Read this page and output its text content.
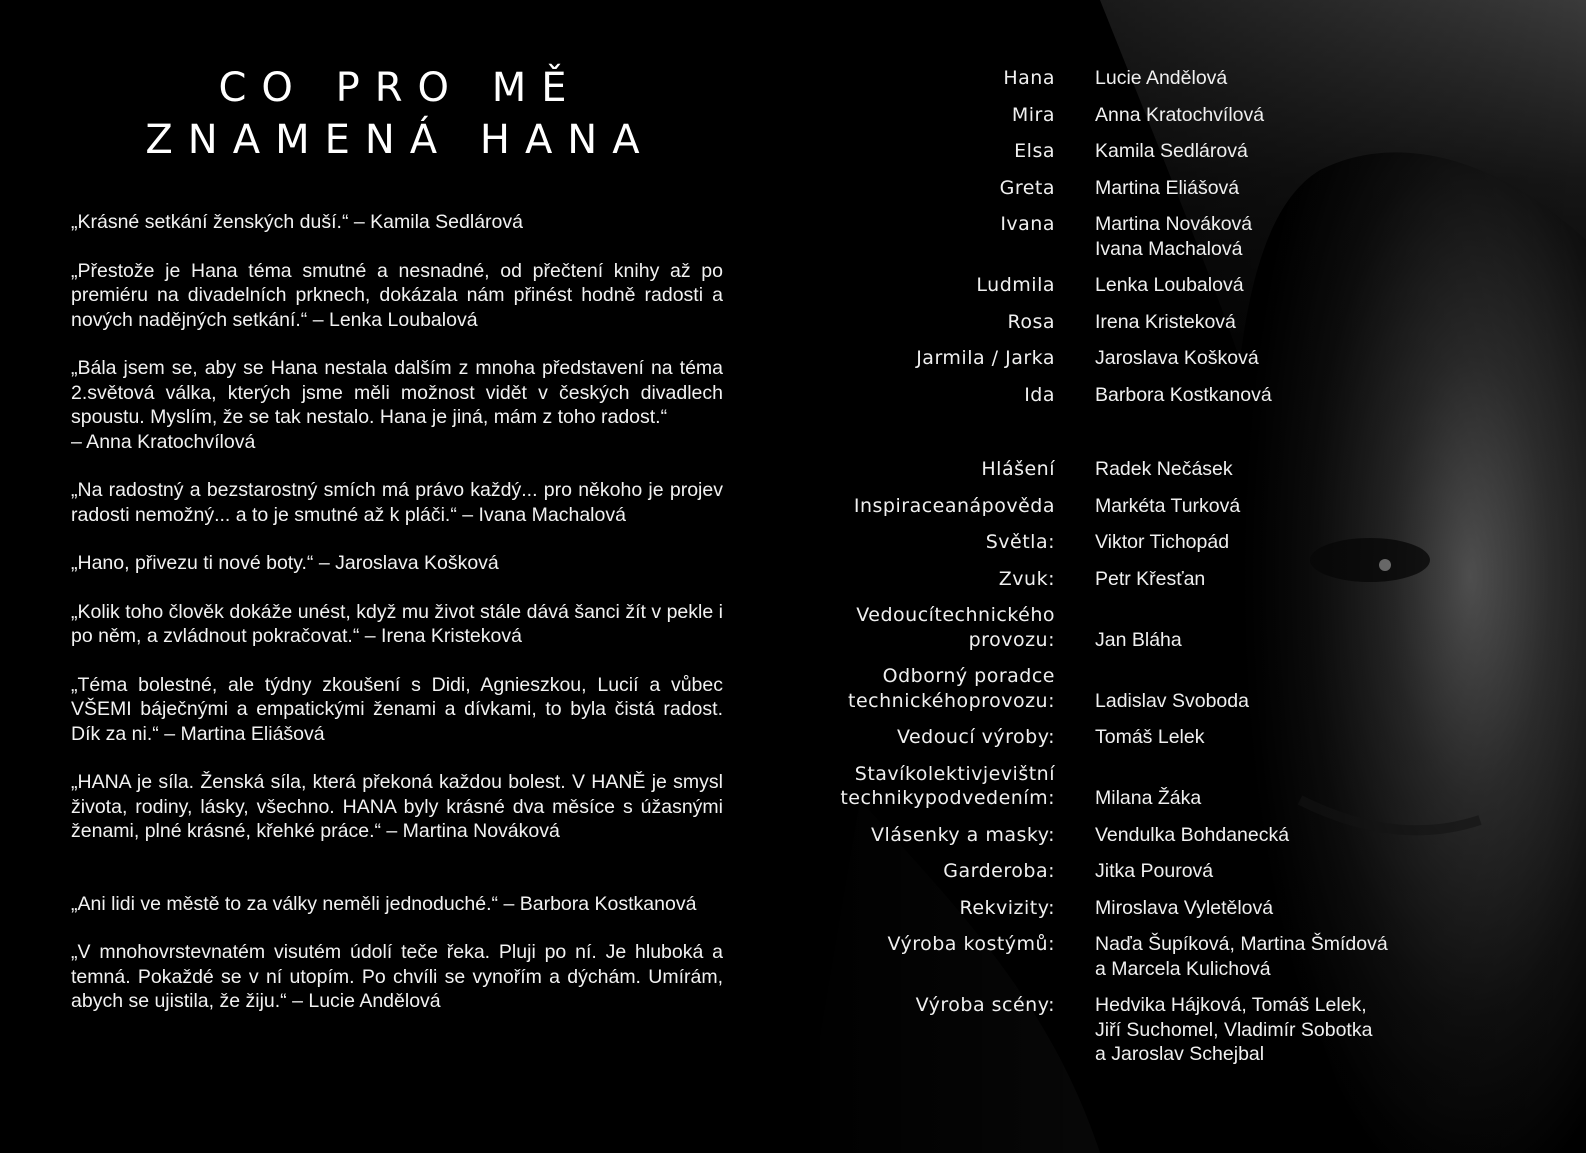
CO PRO MĚ
ZNAMENÁ HANA

„Krásné setkání ženských duší.“ – Kamila Sedlárová

„Přestože je Hana téma smutné a nesnadné, od přečtení knihy až po premiéru na divadelních prknech, dokázala nám přinést hodně radosti a nových nadějných setkání.“ – Lenka Loubalová

„Bála jsem se, aby se Hana nestala dalším z mnoha představení na téma 2.světová válka, kterých jsme měli možnost vidět v českých divadlech spoustu. Myslím, že se tak nestalo. Hana je jiná, mám z toho radost.“
– Anna Kratochvílová

„Na radostný a bezstarostný smích má právo každý... pro někoho je projev radosti nemožný... a to je smutné až k pláči.“ – Ivana Machalová

„Hano, přivezu ti nové boty.“ – Jaroslava Košková

„Kolik toho člověk dokáže unést, když mu život stále dává šanci žít v pekle i po něm, a zvládnout pokračovat.“ – Irena Kristeková

„Téma bolestné, ale týdny zkoušení s Didi, Agnieszkou, Lucií a vůbec VŠEMI báječnými a empatickými ženami a dívkami, to byla čistá radost. Dík za ni.“ – Martina Eliášová

„HANA je síla. Ženská síla, která překoná každou bolest. V HANĚ je smysl života, rodiny, lásky, všechno. HANA byly krásné dva měsíce s úžasnými ženami, plné krásné, křehké práce.“ – Martina Nováková

„Ani lidi ve městě to za války neměli jednoduché.“ – Barbora Kostkanová

„V mnohovrstevnatém visutém údolí teče řeka. Pluji po ní. Je hluboká a temná. Pokaždé se v ní utopím. Po chvíli se vynořím a dýchám. Umírám, abych se ujistila, že žiju.“ – Lucie Andělová

Hana Lucie Andělová
Mira Anna Kratochvílová
Elsa Kamila Sedlárová
Greta Martina Eliášová
Ivana Martina Nováková
Ivana Machalová
Ludmila Lenka Loubalová
Rosa Irena Kristeková
Jarmila / Jarka Jaroslava Košková
Ida Barbora Kostkanová
Hlášení Radek Nečásek
Inspiraceanápověda Markéta Turková
Světla: Viktor Tichopád
Zvuk: Petr Křesťan
Vedoucítechnického
provozu: Jan Bláha
Odborný poradce
technickéhoprovozu: Ladislav Svoboda
Vedoucí výroby: Tomáš Lelek
Stavíkolektivjevištní
technikypodvedením: Milana Žáka
Vlásenky a masky: Vendulka Bohdanecká
Garderoba: Jitka Pourová
Rekvizity: Miroslava Vyletělová
Výroba kostýmů: Naďa Šupíková, Martina Šmídová
a Marcela Kulichová
Výroba scény: Hedvika Hájková, Tomáš Lelek,
Jiří Suchomel, Vladimír Sobotka
a Jaroslav Schejbal
